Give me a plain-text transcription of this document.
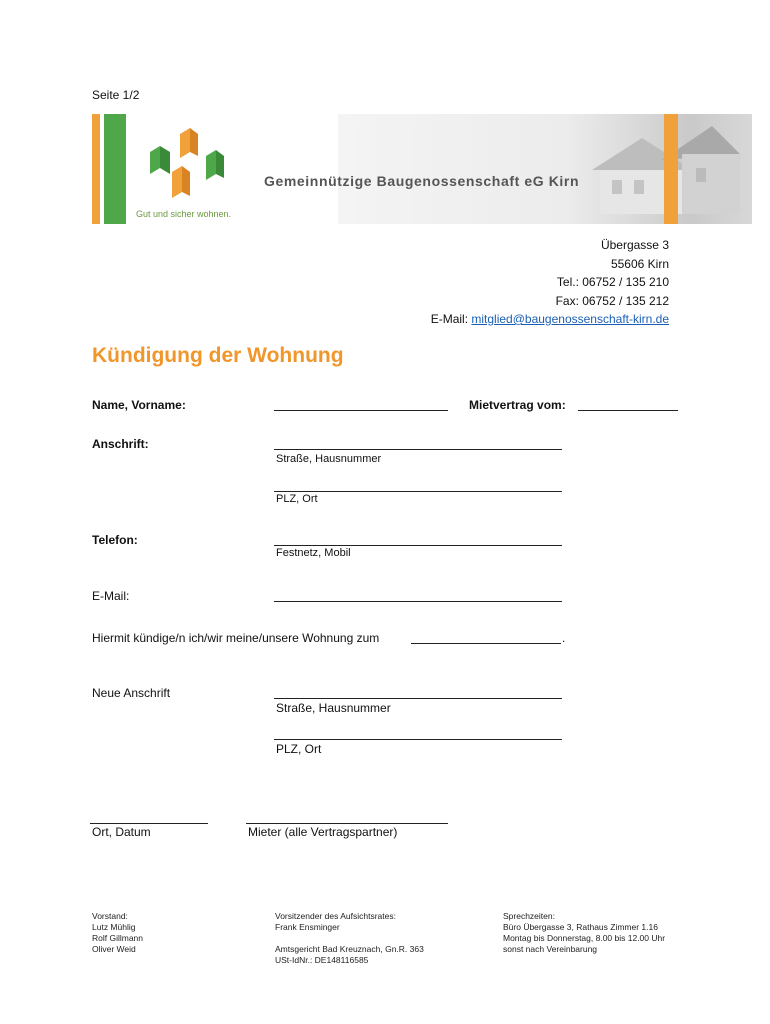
Seite 1/2
Gut und sicher wohnen.
Gemeinnützige Baugenossenschaft eG Kirn
Übergasse 3
55606 Kirn
Tel.: 06752 / 135 210
Fax: 06752 / 135 212
E-Mail: mitglied@baugenossenschaft-kirn.de
Kündigung der Wohnung
Name, Vorname:	Mietvertrag vom:
Anschrift:
Straße, Hausnummer
PLZ, Ort
Telefon:
Festnetz, Mobil
E-Mail:
Hiermit kündige/n ich/wir meine/unsere Wohnung zum	.
Neue Anschrift
Straße, Hausnummer
PLZ, Ort
Ort, Datum	Mieter (alle Vertragspartner)
Vorstand:
Lutz Mühlig
Rolf Gillmann
Oliver Weid
Vorsitzender des Aufsichtsrates:
Frank Ensminger
Amtsgericht Bad Kreuznach, Gn.R. 363
USt-IdNr.: DE148116585
Sprechzeiten:
Büro Übergasse 3, Rathaus Zimmer 1.16
Montag bis Donnerstag, 8.00 bis 12.00 Uhr
sonst nach Vereinbarung
